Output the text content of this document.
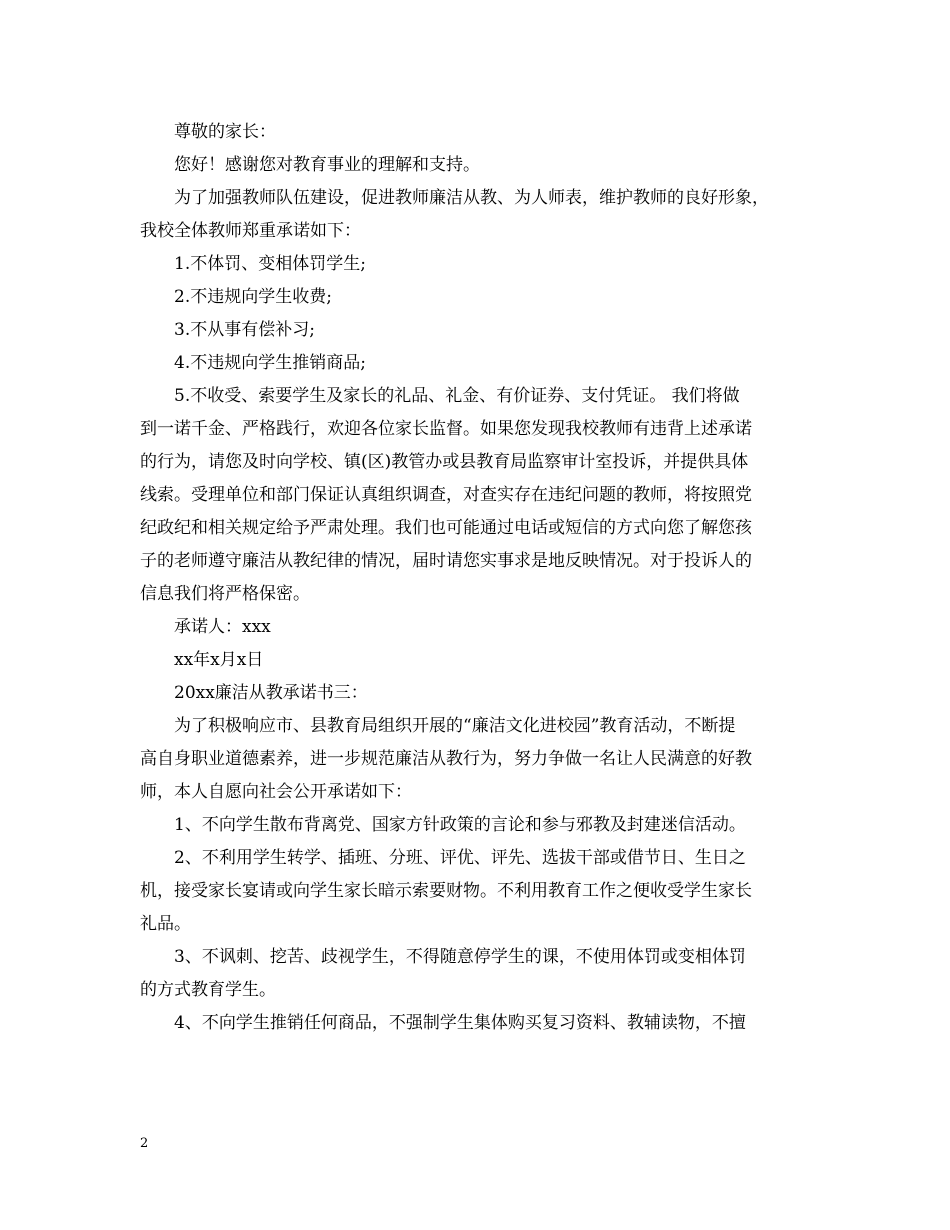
尊敬的家长：
您好！感谢您对教育事业的理解和支持。
为了加强教师队伍建设，促进教师廉洁从教、为人师表，维护教师的良好形象，
我校全体教师郑重承诺如下：
1.不体罚、变相体罚学生;
2.不违规向学生收费;
3.不从事有偿补习;
4.不违规向学生推销商品;
5.不收受、索要学生及家长的礼品、礼金、有价证券、支付凭证。 我们将做
到一诺千金、严格践行，欢迎各位家长监督。如果您发现我校教师有违背上述承诺
的行为，请您及时向学校、镇(区)教管办或县教育局监察审计室投诉，并提供具体
线索。受理单位和部门保证认真组织调查，对查实存在违纪问题的教师，将按照党
纪政纪和相关规定给予严肃处理。我们也可能通过电话或短信的方式向您了解您孩
子的老师遵守廉洁从教纪律的情况，届时请您实事求是地反映情况。对于投诉人的
信息我们将严格保密。
承诺人：xxx
xx年x月x日
20xx廉洁从教承诺书三：
为了积极响应市、县教育局组织开展的“廉洁文化进校园”教育活动，不断提
高自身职业道德素养，进一步规范廉洁从教行为，努力争做一名让人民满意的好教
师，本人自愿向社会公开承诺如下：
1、不向学生散布背离党、国家方针政策的言论和参与邪教及封建迷信活动。
2、不利用学生转学、插班、分班、评优、评先、选拔干部或借节日、生日之
机，接受家长宴请或向学生家长暗示索要财物。不利用教育工作之便收受学生家长
礼品。
3、不讽刺、挖苦、歧视学生，不得随意停学生的课，不使用体罚或变相体罚
的方式教育学生。
4、不向学生推销任何商品，不强制学生集体购买复习资料、教辅读物，不擅
2
